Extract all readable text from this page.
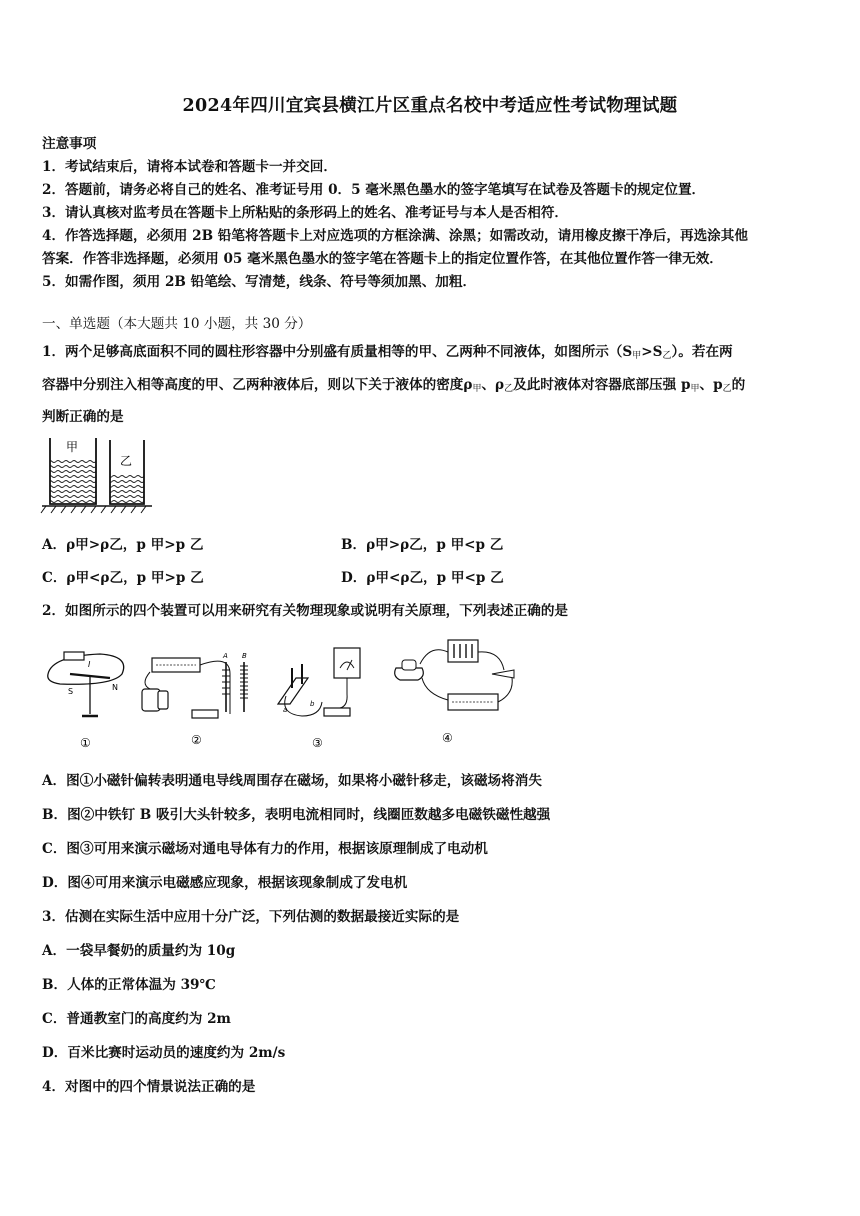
2024年四川宜宾县横江片区重点名校中考适应性考试物理试题
注意事项
1．考试结束后，请将本试卷和答题卡一并交回．
2．答题前，请务必将自己的姓名、准考证号用 0．5 毫米黑色墨水的签字笔填写在试卷及答题卡的规定位置．
3．请认真核对监考员在答题卡上所粘贴的条形码上的姓名、准考证号与本人是否相符．
4．作答选择题，必须用 2B 铅笔将答题卡上对应选项的方框涂满、涂黑；如需改动，请用橡皮擦干净后，再选涂其他
答案．作答非选择题，必须用 05 毫米黑色墨水的签字笔在答题卡上的指定位置作答，在其他位置作答一律无效．
5．如需作图，须用 2B 铅笔绘、写清楚，线条、符号等须加黑、加粗．
一、单选题（本大题共 10 小题，共 30 分）
1．两个足够高底面积不同的圆柱形容器中分别盛有质量相等的甲、乙两种不同液体，如图所示$(S_甲>S_乙)$。若在两
容器中分别注入相等高度的甲、乙两种液体后，则以下关于液体的密度$\rho_甲$、$\rho_乙$及此时液体对容器底部压强 $p_甲$、$p_乙$的
判断正确的是
甲
乙
A．ρ甲>ρ乙，p 甲>p 乙	B．ρ甲>ρ乙，p 甲<p 乙
C．ρ甲<ρ乙，p 甲>p 乙	D．ρ甲<ρ乙，p 甲<p 乙
2．如图所示的四个装置可以用来研究有关物理现象或说明有关原理，下列表述正确的是
S	N
I
①
A B
②
a
b
③	④
A．图①小磁针偏转表明通电导线周围存在磁场，如果将小磁针移走，该磁场将消失
B．图②中铁钉 B 吸引大头针较多，表明电流相同时，线圈匝数越多电磁铁磁性越强
C．图③可用来演示磁场对通电导体有力的作用，根据该原理制成了电动机
D．图④可用来演示电磁感应现象，根据该现象制成了发电机
3．估测在实际生活中应用十分广泛，下列估测的数据最接近实际的是
A．一袋早餐奶的质量约为 10g
B．人体的正常体温为 39℃
C．普通教室门的高度约为 2m
D．百米比赛时运动员的速度约为 2m/s
4．对图中的四个情景说法正确的是
